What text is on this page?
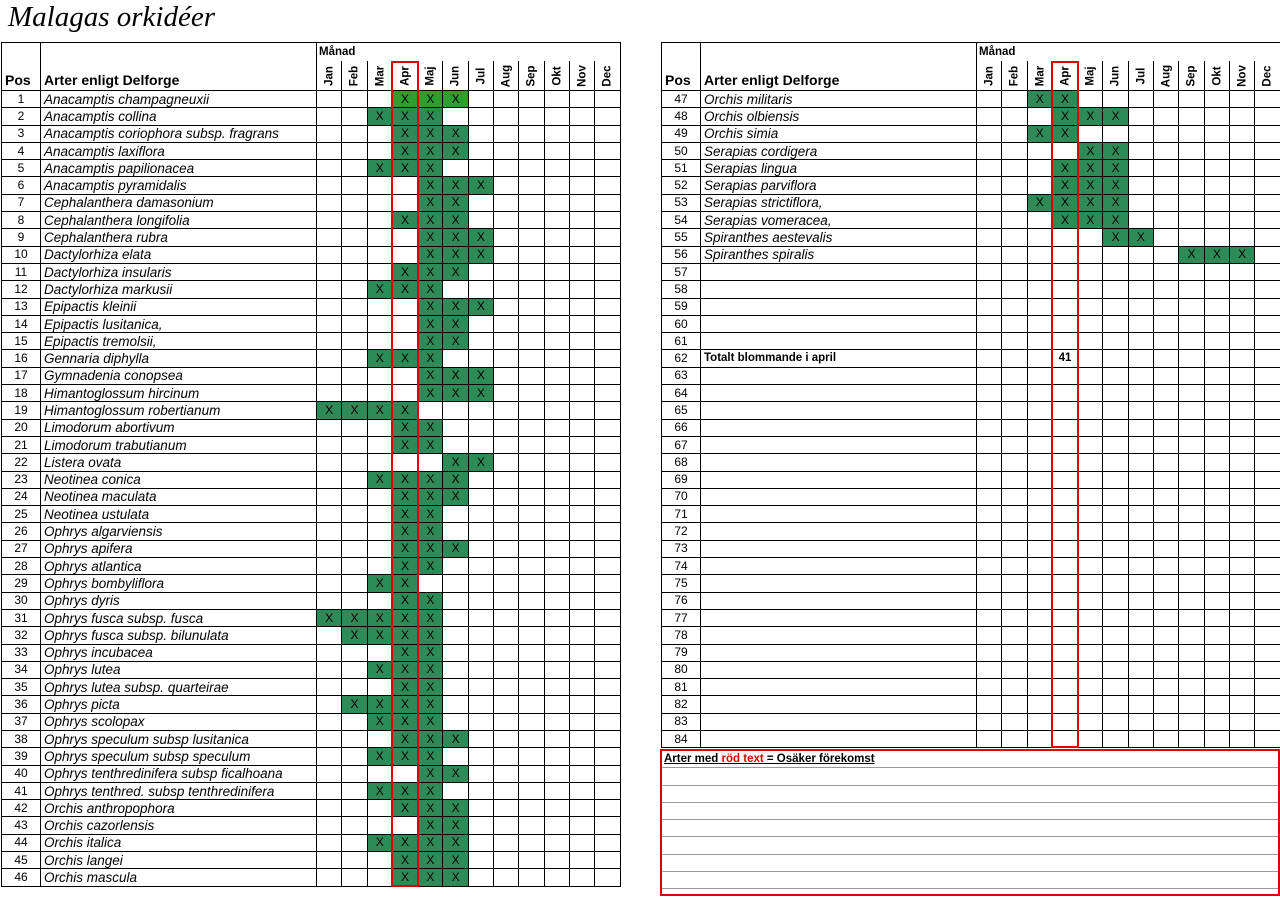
Malagas orkidéer
		Månad											
Pos	Arter enligt Delforge	Jan	Feb	Mar	Apr	Maj	Jun	Jul	Aug	Sep	Okt	Nov	Dec

1	Anacamptis champagneuxii				X	X	X						
2	Anacamptis collina			X	X	X							
3	Anacamptis coriophora subsp. fragrans				X	X	X						
4	Anacamptis laxiflora				X	X	X						
5	Anacamptis papilionacea			X	X	X							
6	Anacamptis pyramidalis					X	X	X					
7	Cephalanthera damasonium					X	X						
8	Cephalanthera longifolia				X	X	X						
9	Cephalanthera rubra					X	X	X					
10	Dactylorhiza elata					X	X	X					
11	Dactylorhiza insularis				X	X	X						
12	Dactylorhiza markusii			X	X	X							
13	Epipactis kleinii					X	X	X					
14	Epipactis lusitanica,					X	X						
15	Epipactis tremolsii,					X	X						
16	Gennaria diphylla			X	X	X							
17	Gymnadenia conopsea					X	X	X					
18	Himantoglossum hircinum					X	X	X					
19	Himantoglossum robertianum	X	X	X	X								
20	Limodorum abortivum				X	X							
21	Limodorum trabutianum				X	X							
22	Listera ovata						X	X					
23	Neotinea conica			X	X	X	X						
24	Neotinea maculata				X	X	X						
25	Neotinea ustulata				X	X							
26	Ophrys algarviensis				X	X							
27	Ophrys apifera				X	X	X						
28	Ophrys atlantica				X	X							
29	Ophrys bombyliflora			X	X								
30	Ophrys dyris				X	X							
31	Ophrys fusca subsp. fusca	X	X	X	X	X							
32	Ophrys fusca subsp. bilunulata		X	X	X	X							
33	Ophrys incubacea				X	X							
34	Ophrys lutea			X	X	X							
35	Ophrys lutea subsp. quarteirae				X	X							
36	Ophrys picta		X	X	X	X							
37	Ophrys scolopax			X	X	X							
38	Ophrys speculum subsp lusitanica				X	X	X						
39	Ophrys speculum subsp speculum			X	X	X							
40	Ophrys tenthredinifera subsp ficalhoana					X	X						
41	Ophrys tenthred. subsp tenthredinifera			X	X	X							
42	Orchis anthropophora				X	X	X						
43	Orchis cazorlensis					X	X						
44	Orchis italica			X	X	X	X						
45	Orchis langei				X	X	X						
46	Orchis mascula				X	X	X						
		Månad											
Pos	Arter enligt Delforge	Jan	Feb	Mar	Apr	Maj	Jun	Jul	Aug	Sep	Okt	Nov	Dec

47	Orchis militaris			X	X								
48	Orchis olbiensis				X	X	X						
49	Orchis simia			X	X								
50	Serapias cordigera					X	X						
51	Serapias lingua				X	X	X						
52	Serapias parviflora				X	X	X						
53	Serapias strictiflora,			X	X	X	X						
54	Serapias vomeracea,				X	X	X						
55	Spiranthes aestevalis						X	X					
56	Spiranthes spiralis									X	X	X	
57													
58													
59													
60													
61													
62	Totalt blommande i april				41								
63													
64													
65													
66													
67													
68													
69													
70													
71													
72													
73													
74													
75													
76													
77													
78													
79													
80													
81													
82													
83													
84													
Arter med röd text = Osäker förekomst
